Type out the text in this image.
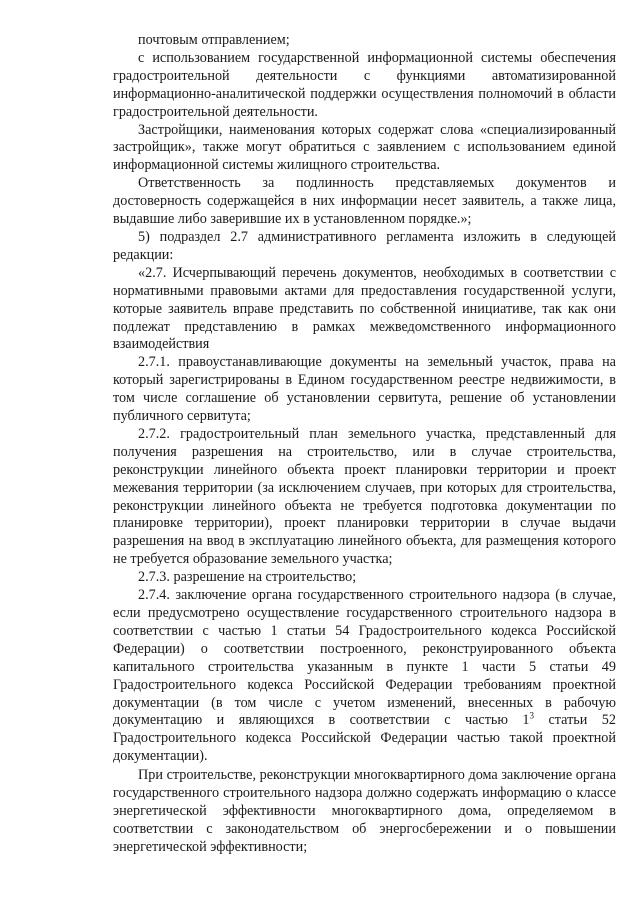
почтовым отправлением;

с использованием государственной информационной системы обеспечения градостроительной деятельности с функциями автоматизированной информационно-аналитической поддержки осуществления полномочий в области градостроительной деятельности.

Застройщики, наименования которых содержат слова «специализированный застройщик», также могут обратиться с заявлением с использованием единой информационной системы жилищного строительства.

Ответственность за подлинность представляемых документов и достоверность содержащейся в них информации несет заявитель, а также лица, выдавшие либо заверившие их в установленном порядке.»;

5) подраздел 2.7 административного регламента изложить в следующей редакции:

«2.7. Исчерпывающий перечень документов, необходимых в соответствии с нормативными правовыми актами для предоставления государственной услуги, которые заявитель вправе представить по собственной инициативе, так как они подлежат представлению в рамках межведомственного информационного взаимодействия

2.7.1. правоустанавливающие документы на земельный участок, права на который зарегистрированы в Едином государственном реестре недвижимости, в том числе соглашение об установлении сервитута, решение об установлении публичного сервитута;

2.7.2. градостроительный план земельного участка, представленный для получения разрешения на строительство, или в случае строительства, реконструкции линейного объекта проект планировки территории и проект межевания территории (за исключением случаев, при которых для строительства, реконструкции линейного объекта не требуется подготовка документации по планировке территории), проект планировки территории в случае выдачи разрешения на ввод в эксплуатацию линейного объекта, для размещения которого не требуется образование земельного участка;

2.7.3. разрешение на строительство;

2.7.4. заключение органа государственного строительного надзора (в случае, если предусмотрено осуществление государственного строительного надзора в соответствии с частью 1 статьи 54 Градостроительного кодекса Российской Федерации) о соответствии построенного, реконструированного объекта капитального строительства указанным в пункте 1 части 5 статьи 49 Градостроительного кодекса Российской Федерации требованиям проектной документации (в том числе с учетом изменений, внесенных в рабочую документацию и являющихся в соответствии с частью $1^3$ статьи 52 Градостроительного кодекса Российской Федерации частью такой проектной документации).

При строительстве, реконструкции многоквартирного дома заключение органа государственного строительного надзора должно содержать информацию о классе энергетической эффективности многоквартирного дома, определяемом в соответствии с законодательством об энергосбережении и о повышении энергетической эффективности;
